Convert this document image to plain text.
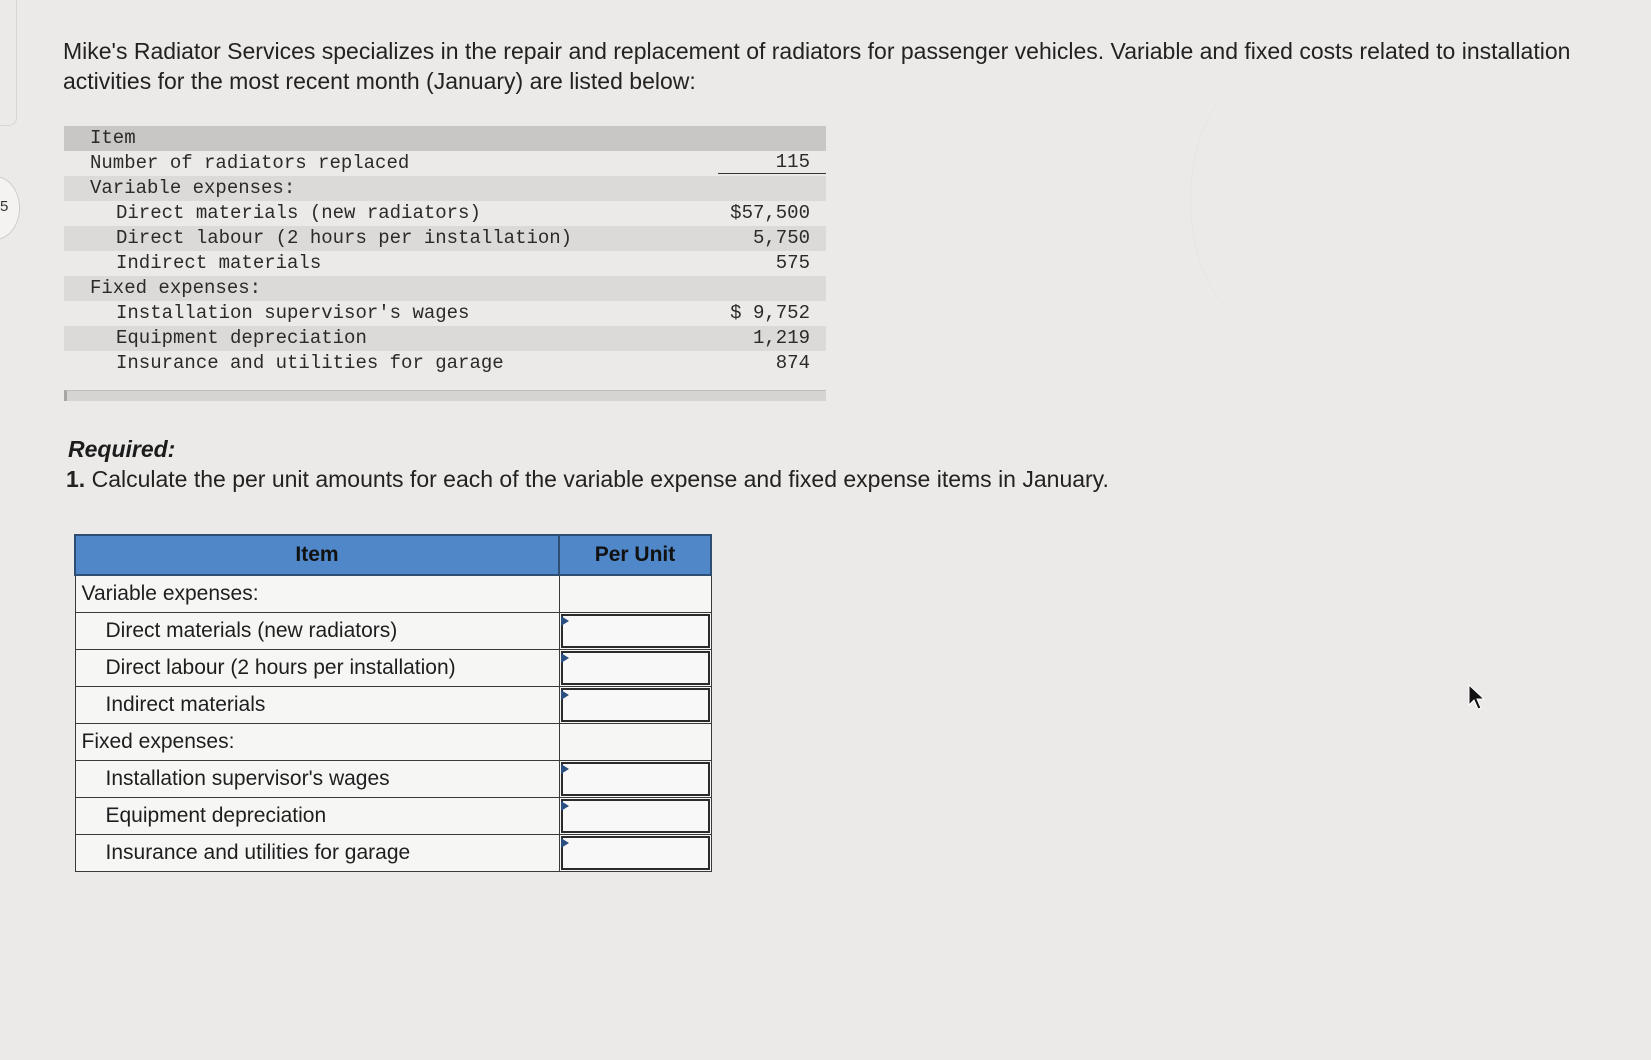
5

Mike's Radiator Services specializes in the repair and replacement of radiators for passenger vehicles. Variable and fixed costs related to installation activities for the most recent month (January) are listed below:

Item
Number of radiators replaced	115
Variable expenses:
Direct materials (new radiators)	$57,500
Direct labour (2 hours per installation)	5,750
Indirect materials	575
Fixed expenses:
Installation supervisor's wages	$ 9,752
Equipment depreciation	1,219
Insurance and utilities for garage	874

Required:

1. Calculate the per unit amounts for each of the variable expense and fixed expense items in January.

Item	Per Unit
Variable expenses:	
Direct materials (new radiators)	

Direct labour (2 hours per installation)	

Indirect materials	

Fixed expenses:	
Installation supervisor's wages	

Equipment depreciation	

Insurance and utilities for garage	
